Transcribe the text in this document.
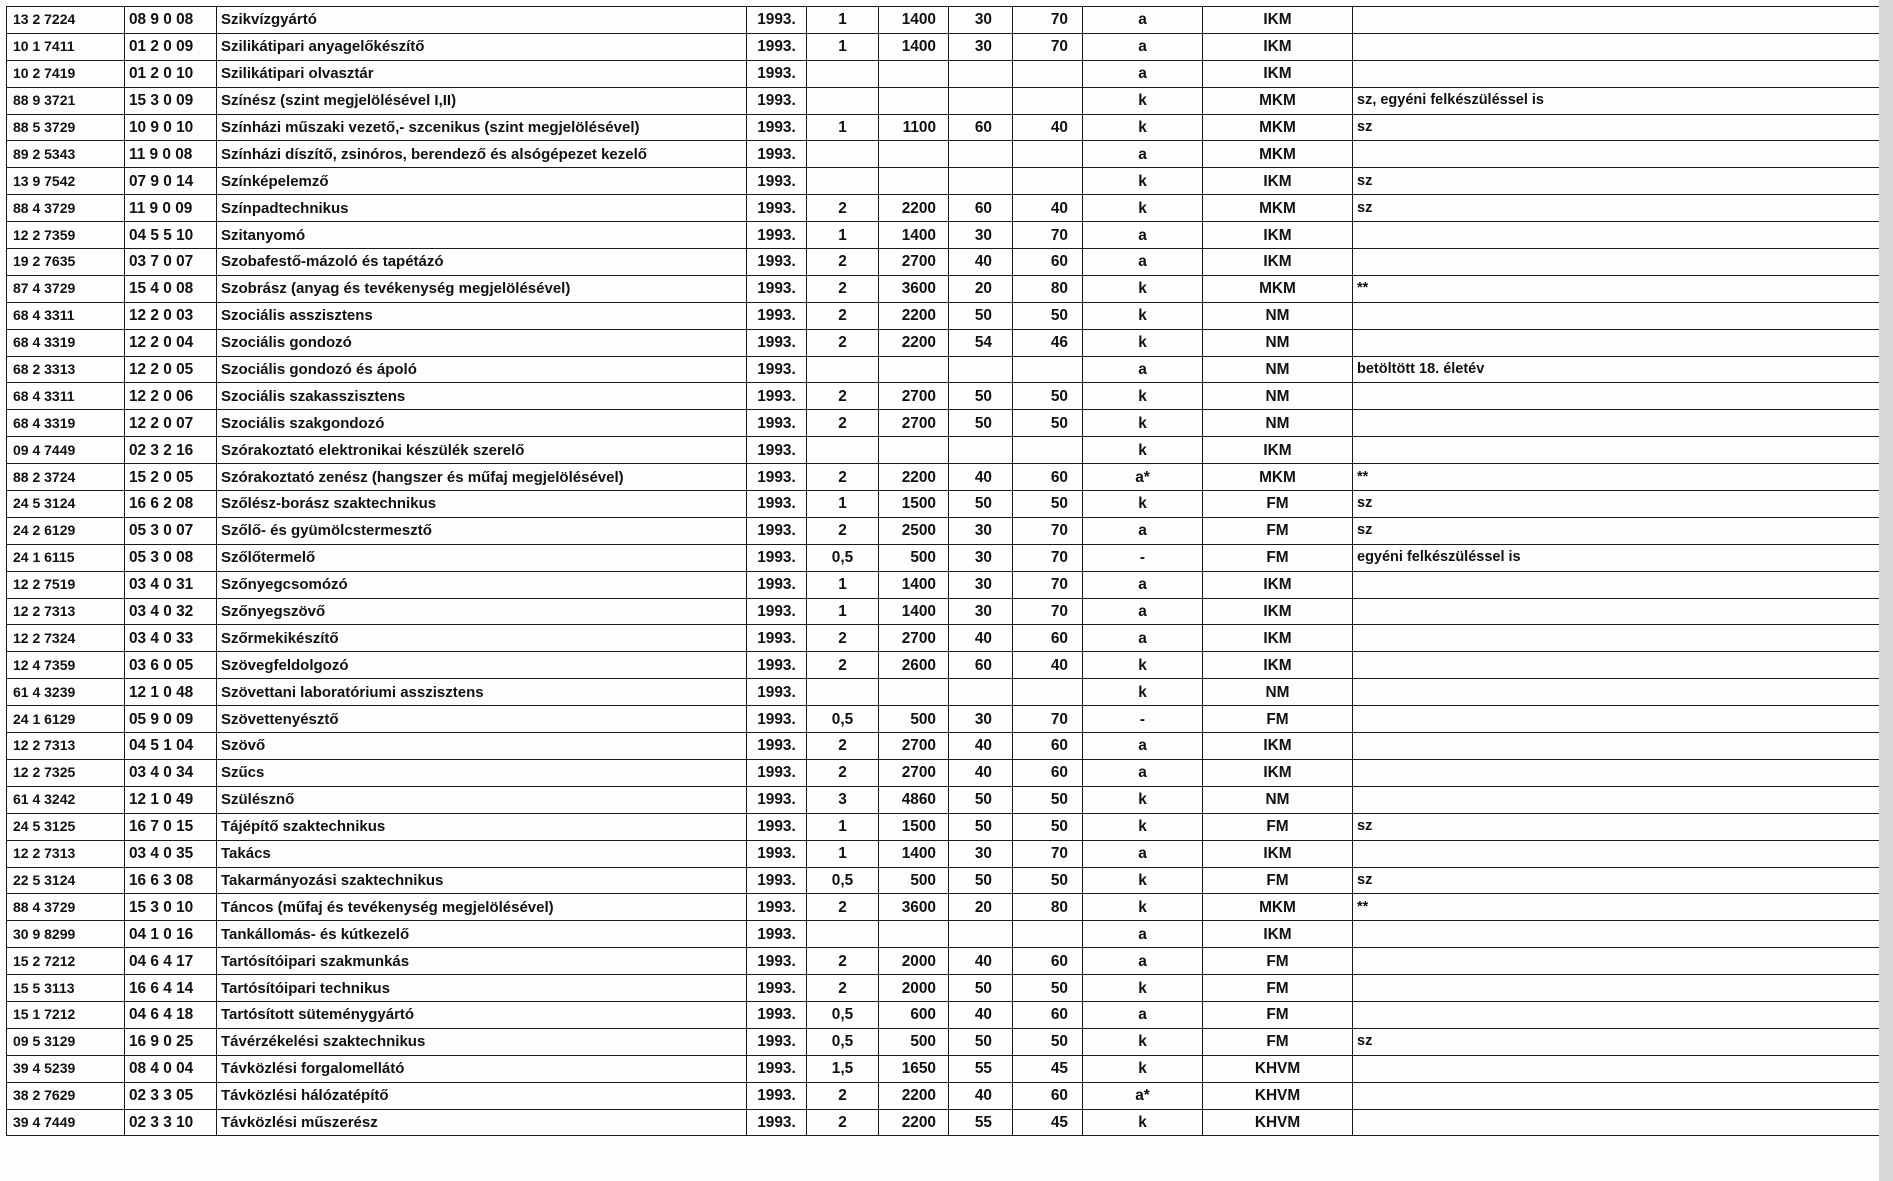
13 2 7224	08 9 0 08	Szikvízgyártó	1993.	1	1400	30	70	a	IKM	
10 1 7411	01 2 0 09	Szilikátipari anyagelőkészítő	1993.	1	1400	30	70	a	IKM	
10 2 7419	01 2 0 10	Szilikátipari olvasztár	1993.					a	IKM	
88 9 3721	15 3 0 09	Színész (szint megjelölésével I,II)	1993.					k	MKM	sz, egyéni felkészüléssel is
88 5 3729	10 9 0 10	Színházi műszaki vezető,- szcenikus (szint megjelölésével)	1993.	1	1100	60	40	k	MKM	sz
89 2 5343	11 9 0 08	Színházi díszítő, zsinóros, berendező és alsógépezet kezelő	1993.					a	MKM	
13 9 7542	07 9 0 14	Színképelemző	1993.					k	IKM	sz
88 4 3729	11 9 0 09	Színpadtechnikus	1993.	2	2200	60	40	k	MKM	sz
12 2 7359	04 5 5 10	Szitanyomó	1993.	1	1400	30	70	a	IKM	
19 2 7635	03 7 0 07	Szobafestő-mázoló és tapétázó	1993.	2	2700	40	60	a	IKM	
87 4 3729	15 4 0 08	Szobrász (anyag és tevékenység megjelölésével)	1993.	2	3600	20	80	k	MKM	**
68 4 3311	12 2 0 03	Szociális asszisztens	1993.	2	2200	50	50	k	NM	
68 4 3319	12 2 0 04	Szociális gondozó	1993.	2	2200	54	46	k	NM	
68 2 3313	12 2 0 05	Szociális gondozó és ápoló	1993.					a	NM	betöltött 18. életév
68 4 3311	12 2 0 06	Szociális szakasszisztens	1993.	2	2700	50	50	k	NM	
68 4 3319	12 2 0 07	Szociális szakgondozó	1993.	2	2700	50	50	k	NM	
09 4 7449	02 3 2 16	Szórakoztató elektronikai készülék szerelő	1993.					k	IKM	
88 2 3724	15 2 0 05	Szórakoztató zenész (hangszer és műfaj megjelölésével)	1993.	2	2200	40	60	a*	MKM	**
24 5 3124	16 6 2 08	Szőlész-borász szaktechnikus	1993.	1	1500	50	50	k	FM	sz
24 2 6129	05 3 0 07	Szőlő- és gyümölcstermesztő	1993.	2	2500	30	70	a	FM	sz
24 1 6115	05 3 0 08	Szőlőtermelő	1993.	0,5	500	30	70	-	FM	egyéni felkészüléssel is
12 2 7519	03 4 0 31	Szőnyegcsomózó	1993.	1	1400	30	70	a	IKM	
12 2 7313	03 4 0 32	Szőnyegszövő	1993.	1	1400	30	70	a	IKM	
12 2 7324	03 4 0 33	Szőrmekikészítő	1993.	2	2700	40	60	a	IKM	
12 4 7359	03 6 0 05	Szövegfeldolgozó	1993.	2	2600	60	40	k	IKM	
61 4 3239	12 1 0 48	Szövettani laboratóriumi asszisztens	1993.					k	NM	
24 1 6129	05 9 0 09	Szövettenyésztő	1993.	0,5	500	30	70	-	FM	
12 2 7313	04 5 1 04	Szövő	1993.	2	2700	40	60	a	IKM	
12 2 7325	03 4 0 34	Szűcs	1993.	2	2700	40	60	a	IKM	
61 4 3242	12 1 0 49	Szülésznő	1993.	3	4860	50	50	k	NM	
24 5 3125	16 7 0 15	Tájépítő szaktechnikus	1993.	1	1500	50	50	k	FM	sz
12 2 7313	03 4 0 35	Takács	1993.	1	1400	30	70	a	IKM	
22 5 3124	16 6 3 08	Takarmányozási szaktechnikus	1993.	0,5	500	50	50	k	FM	sz
88 4 3729	15 3 0 10	Táncos (műfaj és tevékenység megjelölésével)	1993.	2	3600	20	80	k	MKM	**
30 9 8299	04 1 0 16	Tankállomás- és kútkezelő	1993.					a	IKM	
15 2 7212	04 6 4 17	Tartósítóipari szakmunkás	1993.	2	2000	40	60	a	FM	
15 5 3113	16 6 4 14	Tartósítóipari technikus	1993.	2	2000	50	50	k	FM	
15 1 7212	04 6 4 18	Tartósított süteménygyártó	1993.	0,5	600	40	60	a	FM	
09 5 3129	16 9 0 25	Távérzékelési szaktechnikus	1993.	0,5	500	50	50	k	FM	sz
39 4 5239	08 4 0 04	Távközlési forgalomellátó	1993.	1,5	1650	55	45	k	KHVM	
38 2 7629	02 3 3 05	Távközlési hálózatépítő	1993.	2	2200	40	60	a*	KHVM	
39 4 7449	02 3 3 10	Távközlési műszerész	1993.	2	2200	55	45	k	KHVM	
